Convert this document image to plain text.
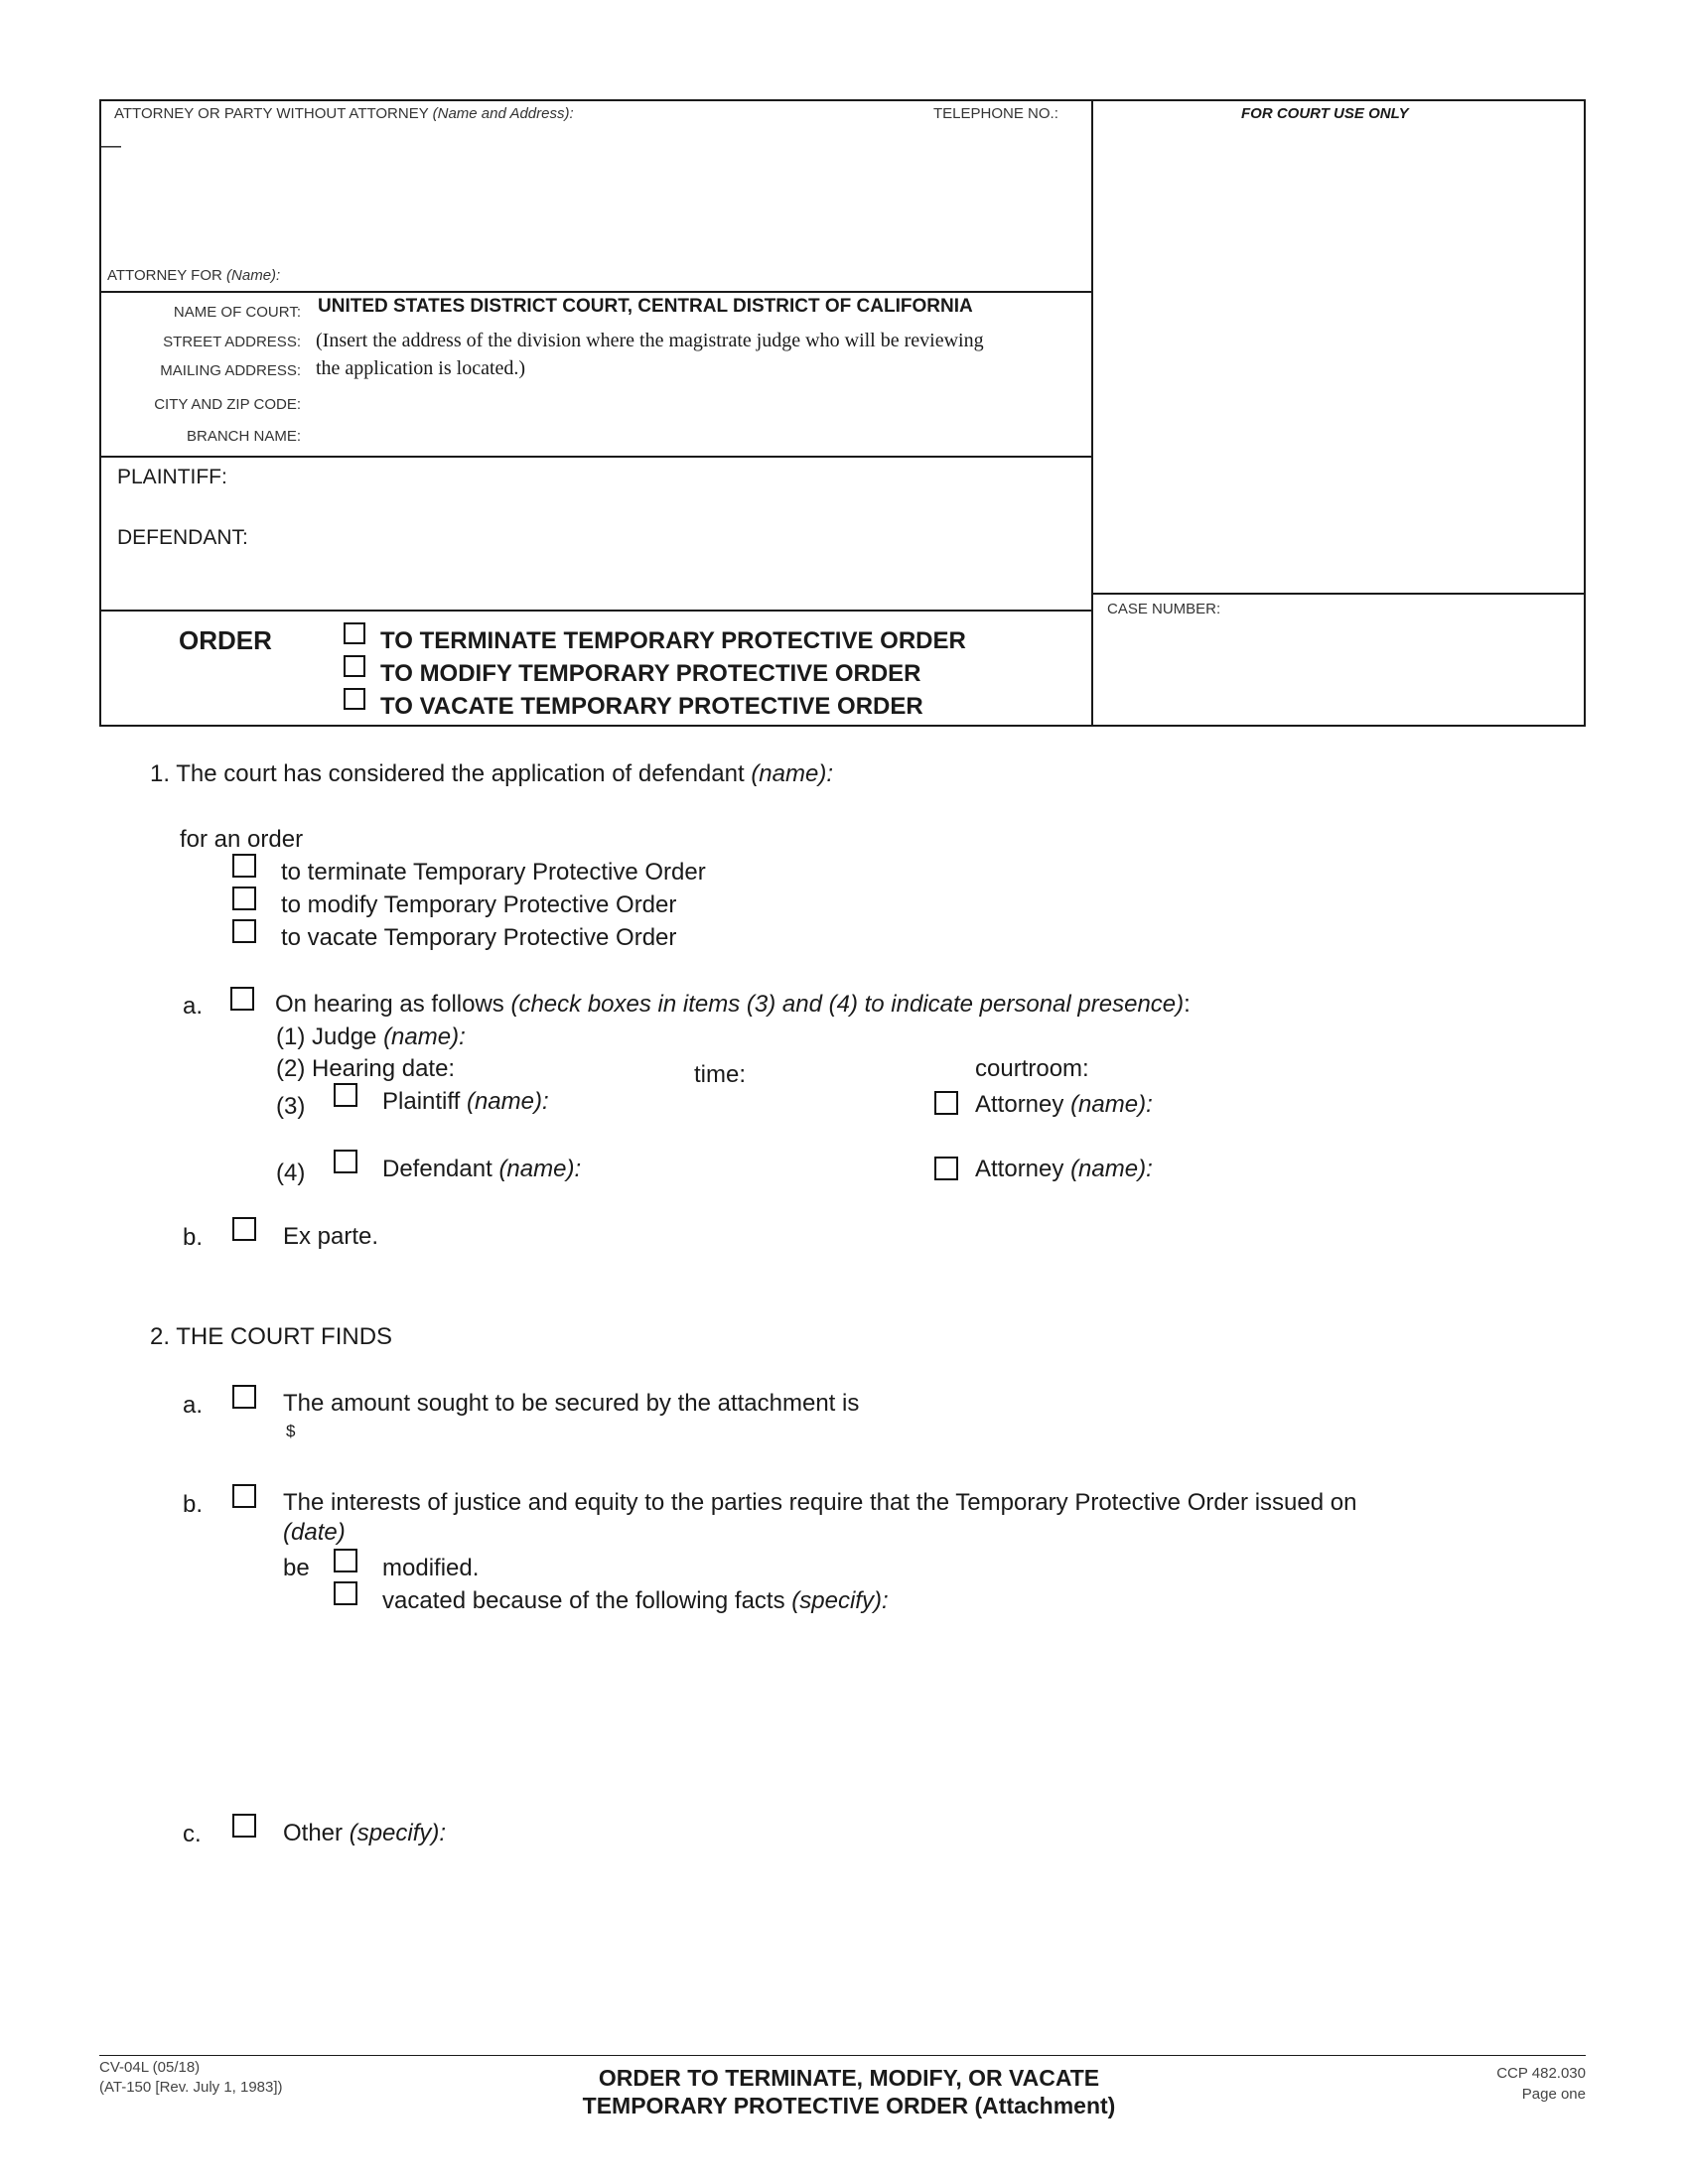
ATTORNEY OR PARTY WITHOUT ATTORNEY (Name and Address):	TELEPHONE NO.:	FOR COURT USE ONLY
—
ATTORNEY FOR (Name):
NAME OF COURT: UNITED STATES DISTRICT COURT, CENTRAL DISTRICT OF CALIFORNIA
STREET ADDRESS: (Insert the address of the division where the magistrate judge who will be reviewing
MAILING ADDRESS: the application is located.)
CITY AND ZIP CODE:
BRANCH NAME:
PLAINTIFF:
DEFENDANT:
CASE NUMBER:
ORDER	TO TERMINATE TEMPORARY PROTECTIVE ORDER
TO MODIFY TEMPORARY PROTECTIVE ORDER
TO VACATE TEMPORARY PROTECTIVE ORDER
1. The court has considered the application of defendant (name):
for an order
to terminate Temporary Protective Order
to modify Temporary Protective Order
to vacate Temporary Protective Order
a.	On hearing as follows (check boxes in items (3) and (4) to indicate personal presence):
(1) Judge (name):
(2) Hearing date:	time:	courtroom:
(3)	Plaintiff (name):	Attorney (name):
(4)	Defendant (name):	Attorney (name):
b.	Ex parte.
2. THE COURT FINDS
a.	The amount sought to be secured by the attachment is
$
b.	The interests of justice and equity to the parties require that the Temporary Protective Order issued on
(date)
be	modified.
vacated because of the following facts (specify):
c.	Other (specify):
CV-04L (05/18)
(AT-150 [Rev. July 1, 1983])	ORDER TO TERMINATE, MODIFY, OR VACATE
TEMPORARY PROTECTIVE ORDER (Attachment)
CCP 482.030
Page one
